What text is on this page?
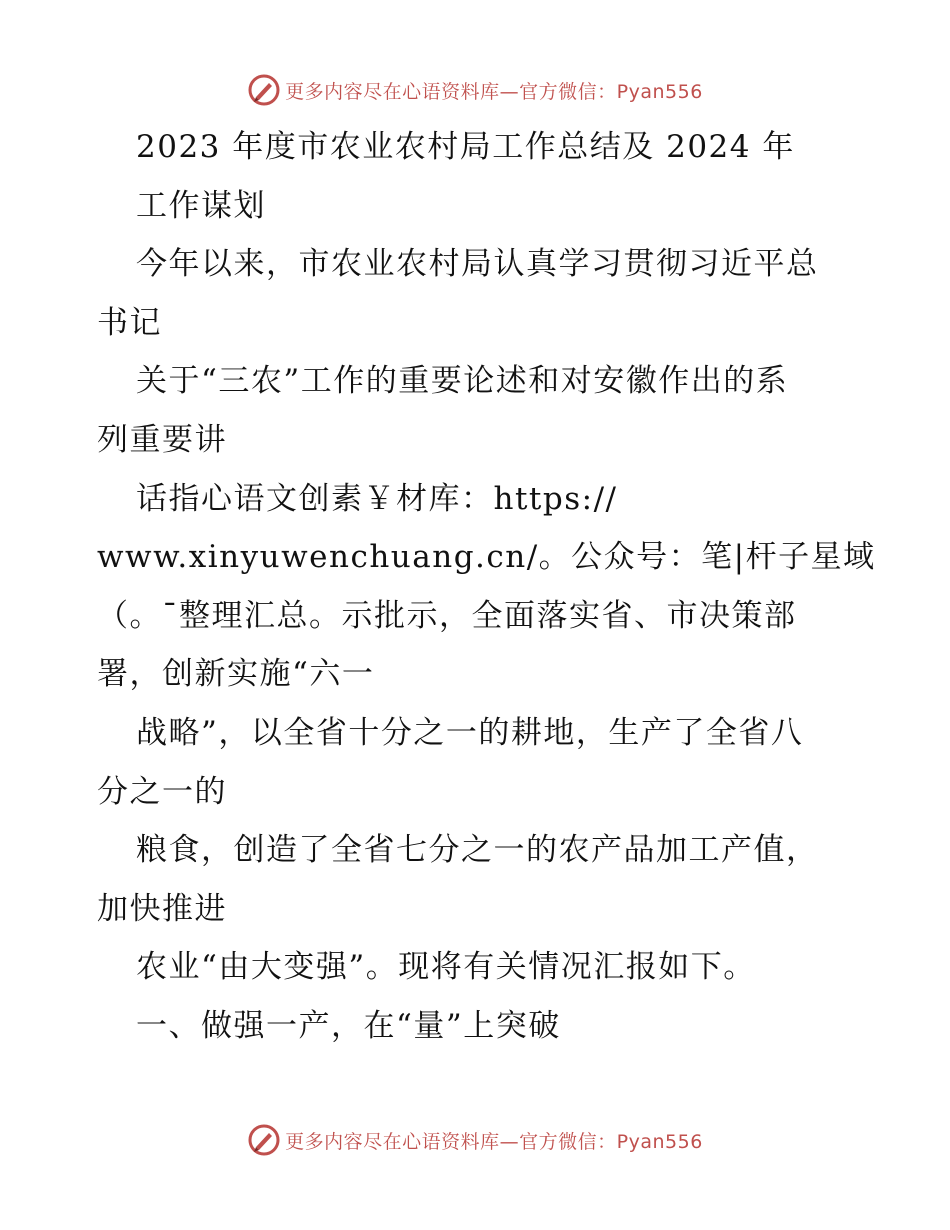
更多内容尽在心语资料库—官方微信：Pyan556
2023 年度市农业农村局工作总结及 2024 年
工作谋划
今年以来，市农业农村局认真学习贯彻习近平总
书记
关于“三农”工作的重要论述和对安徽作出的系
列重要讲
话指心语文创素￥材库：https://
www.xinyuwenchuang.cn/。公众号：笔|杆子星域
（。¯整理汇总。示批示，全面落实省、市决策部
署，创新实施“六一
战略”，以全省十分之一的耕地，生产了全省八
分之一的
粮食，创造了全省七分之一的农产品加工产值，
加快推进
农业“由大变强”。现将有关情况汇报如下。
一、做强一产，在“量”上突破
更多内容尽在心语资料库—官方微信：Pyan556
